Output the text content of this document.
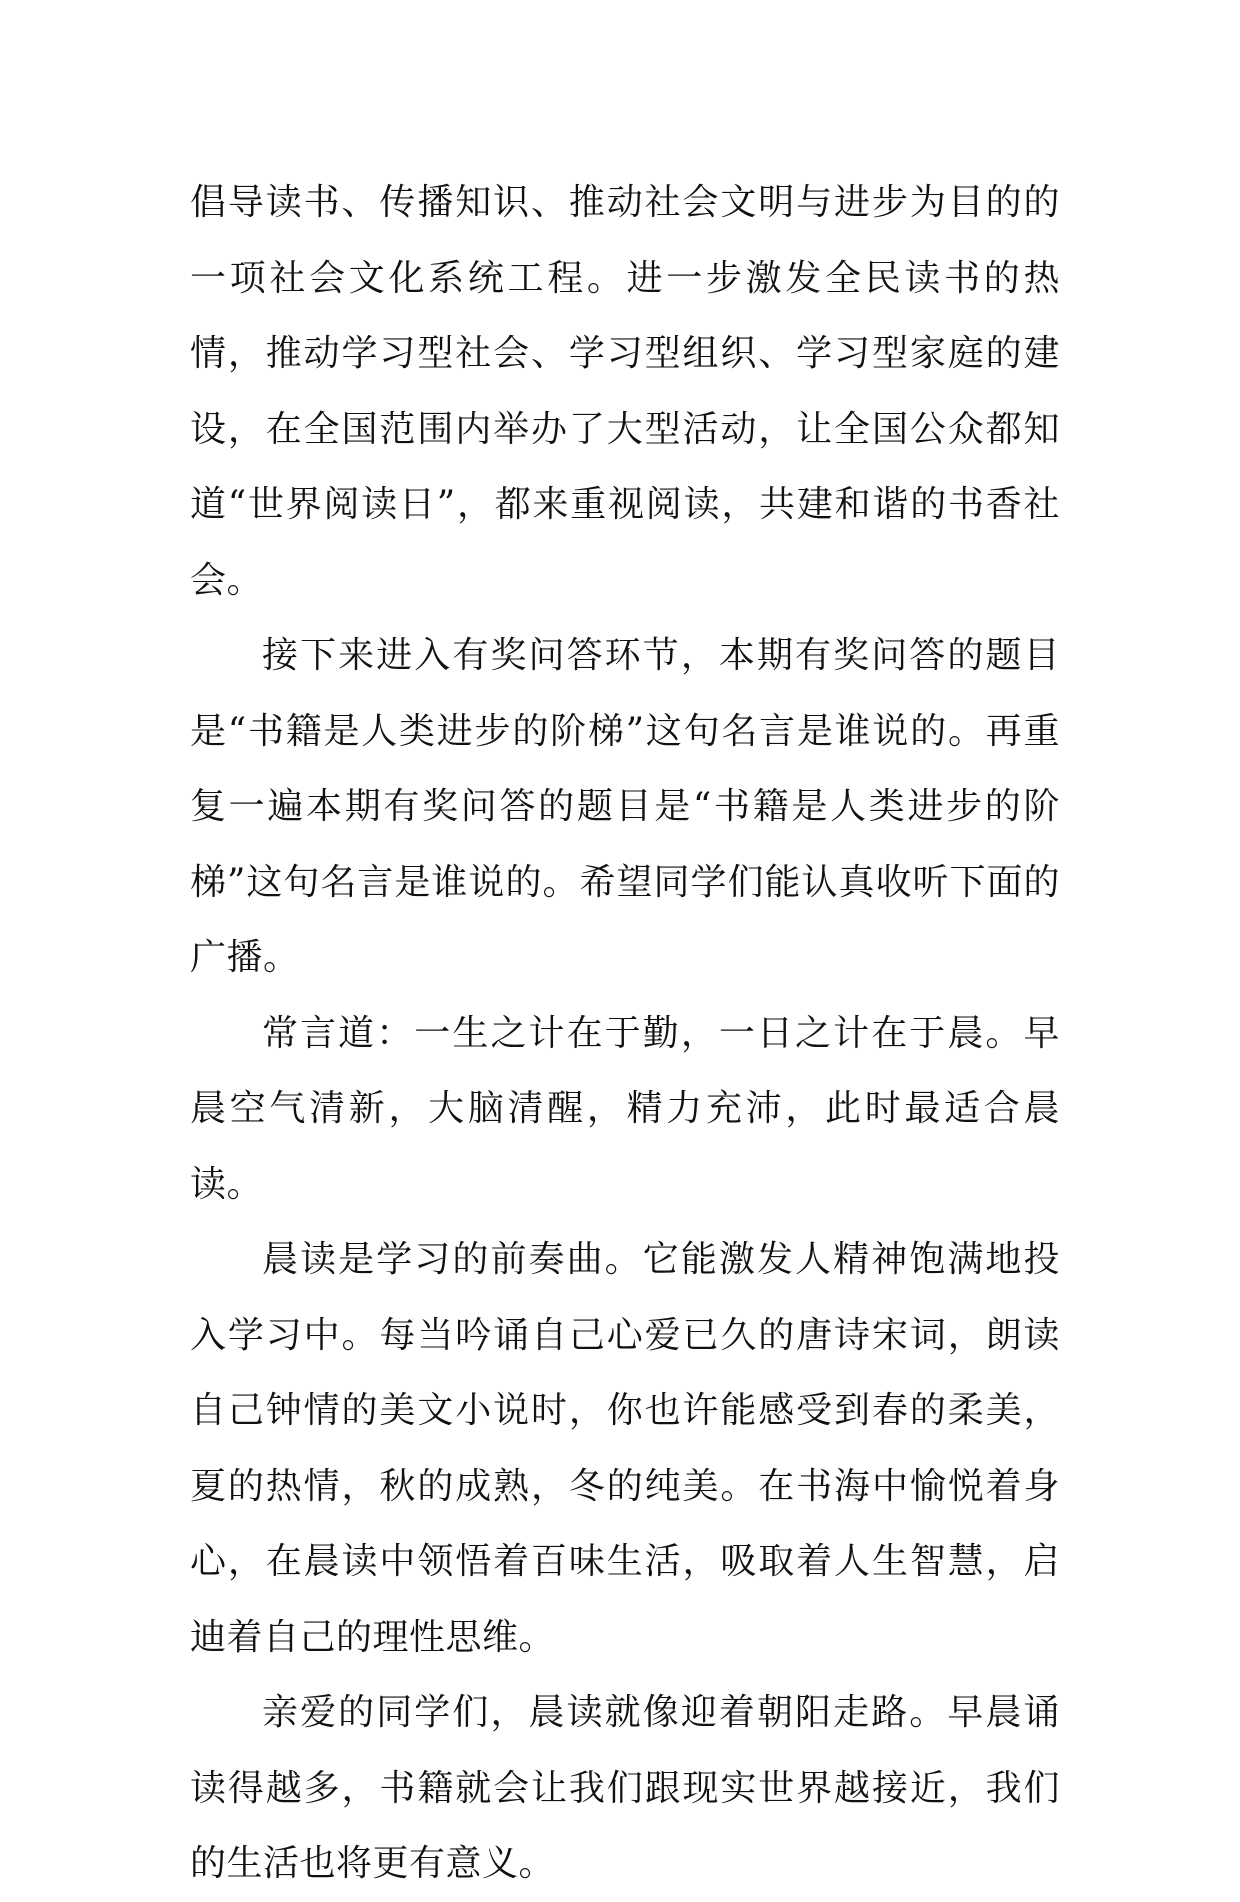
倡导读书、传播知识、推动社会文明与进步为目的的一项社会文化系统工程。进一步激发全民读书的热情，推动学习型社会、学习型组织、学习型家庭的建设，在全国范围内举办了大型活动，让全国公众都知道“世界阅读日”，都来重视阅读，共建和谐的书香社会。

接下来进入有奖问答环节，本期有奖问答的题目是“书籍是人类进步的阶梯”这句名言是谁说的。再重复一遍本期有奖问答的题目是“书籍是人类进步的阶梯”这句名言是谁说的。希望同学们能认真收听下面的广播。

常言道：一生之计在于勤，一日之计在于晨。早晨空气清新，大脑清醒，精力充沛，此时最适合晨读。

晨读是学习的前奏曲。它能激发人精神饱满地投入学习中。每当吟诵自己心爱已久的唐诗宋词，朗读自己钟情的美文小说时，你也许能感受到春的柔美，夏的热情，秋的成熟，冬的纯美。在书海中愉悦着身心，在晨读中领悟着百味生活，吸取着人生智慧，启迪着自己的理性思维。

亲爱的同学们，晨读就像迎着朝阳走路。早晨诵读得越多，书籍就会让我们跟现实世界越接近，我们的生活也将更有意义。
